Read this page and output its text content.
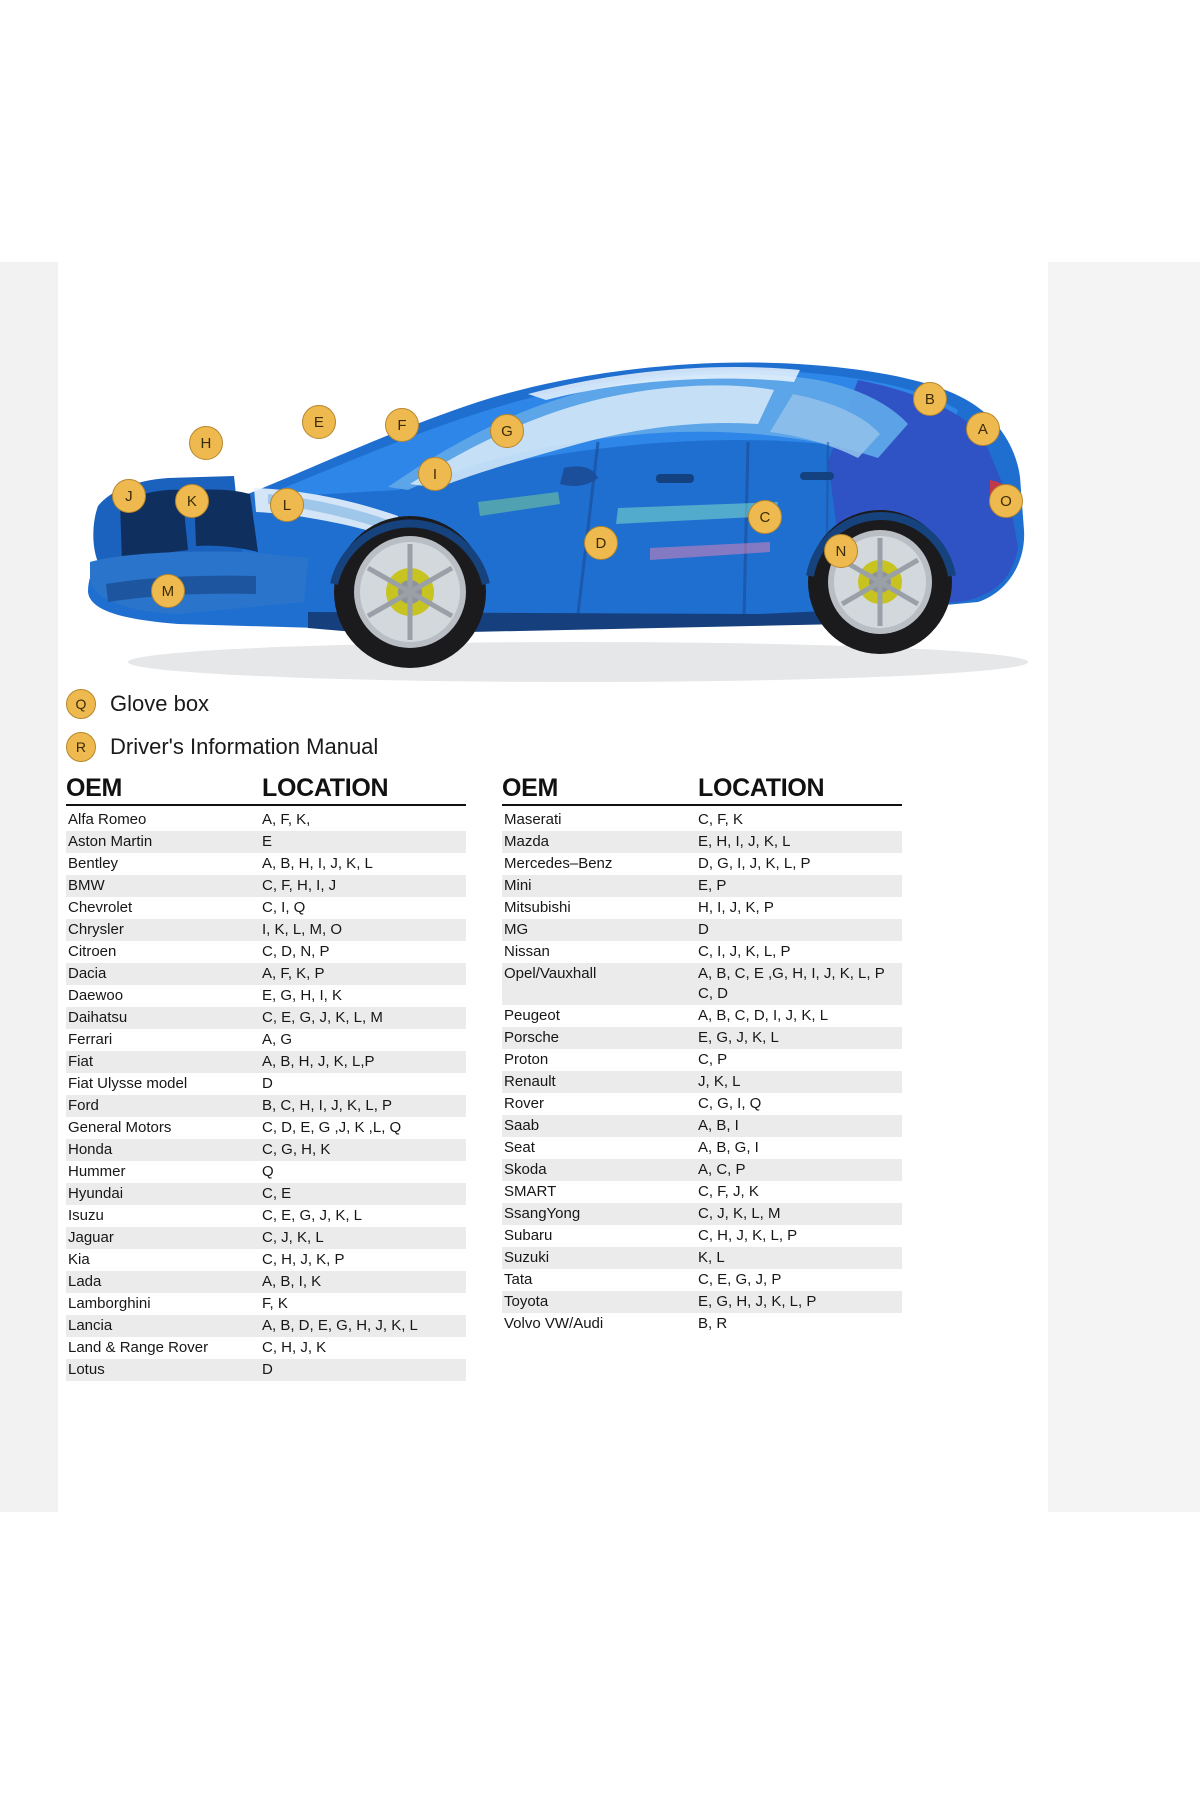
A
B
C
D
E	F	G
H
I
J	K	L
M
N
O
Q	Glove box
R	Driver's Information Manual
OEM	LOCATION
Alfa Romeo	A, F, K,
Aston Martin	E
Bentley	A, B, H, I, J, K, L
BMW	C, F, H, I, J
Chevrolet	C, I, Q
Chrysler	I, K, L, M, O
Citroen	C, D, N, P
Dacia	A, F, K, P
Daewoo	E, G, H, I, K
Daihatsu	C, E, G, J, K, L, M
Ferrari	A, G
Fiat	A, B, H, J, K, L,P
Fiat Ulysse model	D
Ford	B, C, H, I, J, K, L, P
General Motors	C, D, E, G ,J, K ,L, Q
Honda	C, G, H, K
Hummer	Q
Hyundai	C, E
Isuzu	C, E, G, J, K, L
Jaguar	C, J, K, L
Kia	C, H, J, K, P
Lada	A, B, I, K
Lamborghini	F, K
Lancia	A, B, D, E, G, H, J, K, L
Land & Range Rover	C, H, J, K
Lotus	D
OEM	LOCATION
Maserati	C, F, K
Mazda	E, H, I, J, K, L
Mercedes–Benz	D, G, I, J, K, L, P
Mini	E, P
Mitsubishi	H, I, J, K, P
MG	D
Nissan	C, I, J, K, L, P
Opel/Vauxhall	A, B, C, E ,G, H, I, J, K, L, P C, D
Peugeot	A, B, C, D, I, J, K, L
Porsche	E, G, J, K, L
Proton	C, P
Renault	J, K, L
Rover	C, G, I, Q
Saab	A, B, I
Seat	A, B, G, I
Skoda	A, C, P
SMART	C, F, J, K
SsangYong	C, J, K, L, M
Subaru	C, H, J, K, L, P
Suzuki	K, L
Tata	C, E, G, J, P
Toyota	E, G, H, J, K, L, P
Volvo VW/Audi	B, R
